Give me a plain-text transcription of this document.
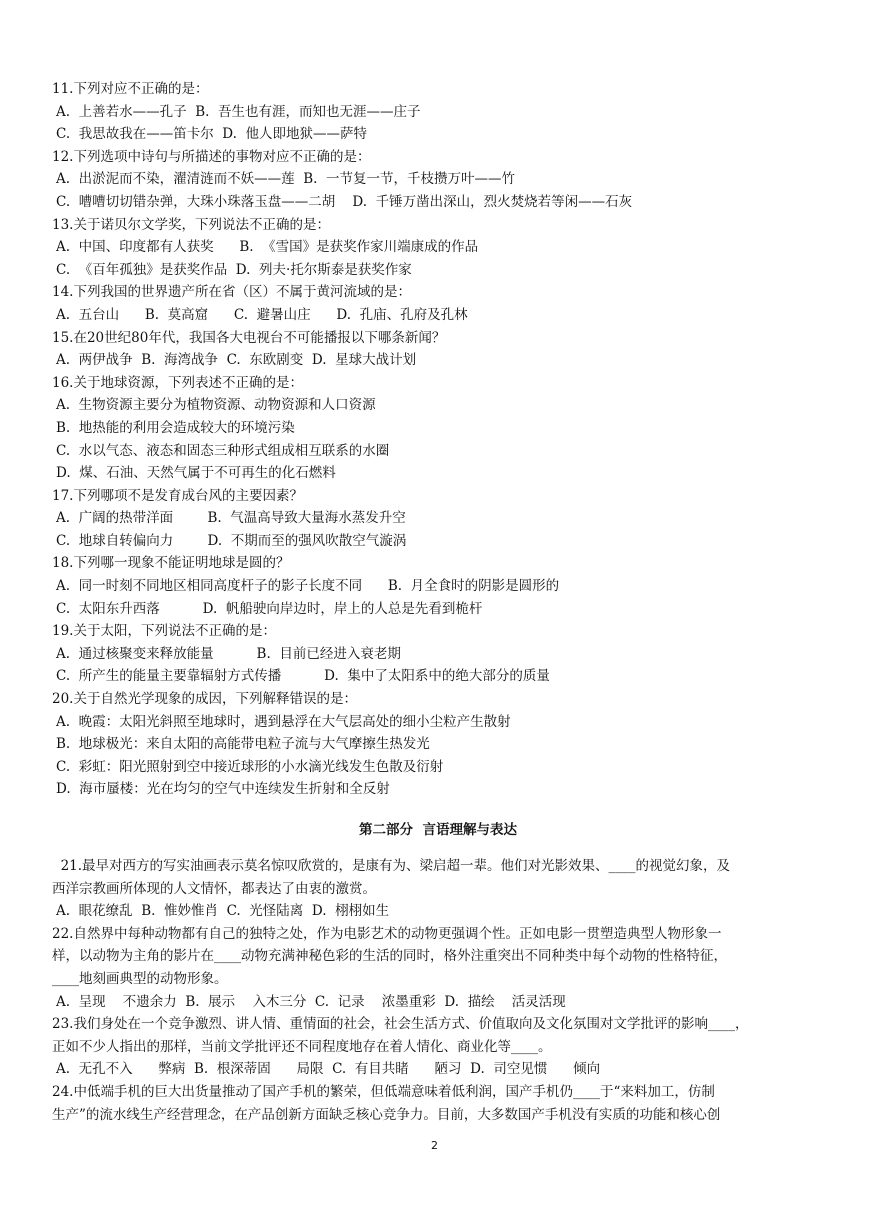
11.下列对应不正确的是：
A.  上善若水——孔子  B.  吾生也有涯，而知也无涯——庄子
C.  我思故我在——笛卡尔  D.  他人即地狱——萨特
12.下列选项中诗句与所描述的事物对应不正确的是：
A.  出淤泥而不染，濯清涟而不妖——莲  B.  一节复一节，千枝攒万叶——竹
C.  嘈嘈切切错杂弹，大珠小珠落玉盘——二胡    D.  千锤万凿出深山，烈火焚烧若等闲——石灰
13.关于诺贝尔文学奖，下列说法不正确的是：
A.  中国、印度都有人获奖      B.  《雪国》是获奖作家川端康成的作品
C.  《百年孤独》是获奖作品  D.  列夫·托尔斯泰是获奖作家
14.下列我国的世界遗产所在省（区）不属于黄河流域的是：
A.  五台山      B.  莫高窟      C.  避暑山庄      D.  孔庙、孔府及孔林
15.在20世纪80年代，我国各大电视台不可能播报以下哪条新闻？
A.  两伊战争  B.  海湾战争  C.  东欧剧变  D.  星球大战计划
16.关于地球资源，下列表述不正确的是：
A.  生物资源主要分为植物资源、动物资源和人口资源
B.  地热能的利用会造成较大的环境污染
C.  水以气态、液态和固态三种形式组成相互联系的水圈
D.  煤、石油、天然气属于不可再生的化石燃料
17.下列哪项不是发育成台风的主要因素？
A.  广阔的热带洋面        B.  气温高导致大量海水蒸发升空
C.  地球自转偏向力        D.  不期而至的强风吹散空气漩涡
18.下列哪一现象不能证明地球是圆的？
A.  同一时刻不同地区相同高度杆子的影子长度不同      B.  月全食时的阴影是圆形的
C.  太阳东升西落          D.  帆船驶向岸边时，岸上的人总是先看到桅杆
19.关于太阳，下列说法不正确的是：
A.  通过核聚变来释放能量          B.  目前已经进入衰老期
C.  所产生的能量主要靠辐射方式传播          D.  集中了太阳系中的绝大部分的质量
20.关于自然光学现象的成因，下列解释错误的是：
A.  晚霞：太阳光斜照至地球时，遇到悬浮在大气层高处的细小尘粒产生散射
B.  地球极光：来自太阳的高能带电粒子流与大气摩擦生热发光
C.  彩虹：阳光照射到空中接近球形的小水滴光线发生色散及衍射
D.  海市蜃楼：光在均匀的空气中连续发生折射和全反射
第二部分  言语理解与表达
21.最早对西方的写实油画表示莫名惊叹欣赏的，是康有为、梁启超一辈。他们对光影效果、____的视觉幻象，及
西洋宗教画所体现的人文情怀，都表达了由衷的激赏。
A.  眼花缭乱  B.  惟妙惟肖  C.  光怪陆离  D.  栩栩如生
22.自然界中每种动物都有自己的独特之处，作为电影艺术的动物更强调个性。正如电影一贯塑造典型人物形象一
样，以动物为主角的影片在____动物充满神秘色彩的生活的同时，格外注重突出不同种类中每个动物的性格特征，
____地刻画典型的动物形象。
A.  呈现    不遗余力  B.  展示    入木三分  C.  记录    浓墨重彩  D.  描绘    活灵活现
23.我们身处在一个竞争激烈、讲人情、重情面的社会，社会生活方式、价值取向及文化氛围对文学批评的影响____，
正如不少人指出的那样，当前文学批评还不同程度地存在着人情化、商业化等____。
A.  无孔不入      弊病  B.  根深蒂固      局限  C.  有目共睹      陋习  D.  司空见惯      倾向
24.中低端手机的巨大出货量推动了国产手机的繁荣，但低端意味着低利润，国产手机仍____于“来料加工，仿制
生产”的流水线生产经营理念，在产品创新方面缺乏核心竞争力。目前，大多数国产手机没有实质的功能和核心创
2
